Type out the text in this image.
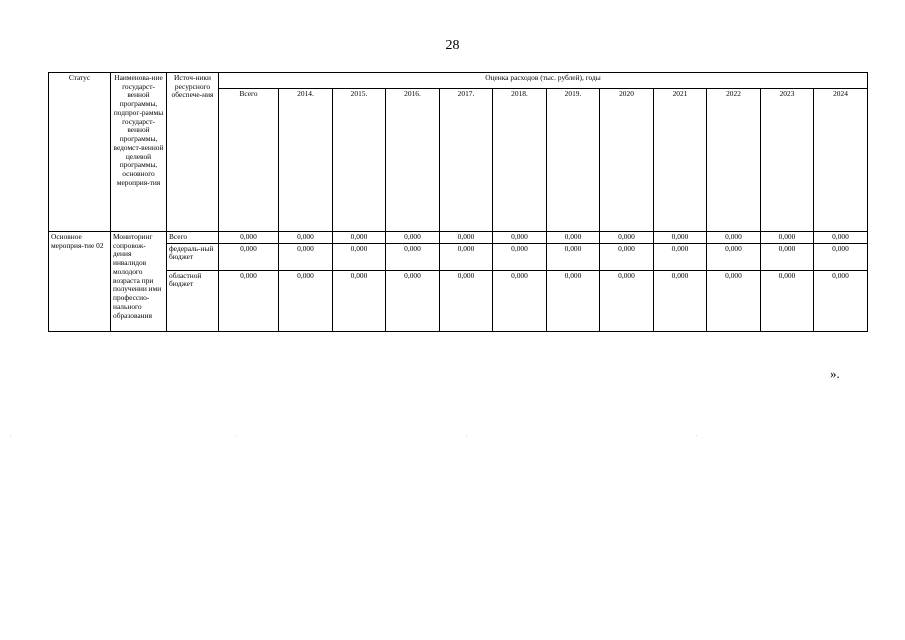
28
Статус	Наименова-ние государст-венной программы, подпрог-раммы государст-венной программы, ведомст-венной целевой программы, основного мероприя-тия	Источ-ники ресурсного обеспече-ния	Оценка расходов (тыс. рублей), годы											
			Всего	2014.	2015.	2016.	2017.	2018.	2019.	2020	2021	2022	2023	2024
Основное мероприя-тие 02	Мониторинг сопровож-дения инвалидов молодого возраста при получении ими профессио-нального образования	Всего	0,000	0,000	0,000	0,000	0,000	0,000	0,000	0,000	0,000	0,000	0,000	0,000
		федераль-ный бюджет	0,000	0,000	0,000	0,000	0,000	0,000	0,000	0,000	0,000	0,000	0,000	0,000
		областной бюджет	0,000	0,000	0,000	0,000	0,000	0,000	0,000	0,000	0,000	0,000	0,000	0,000
».
.	.	.	.
